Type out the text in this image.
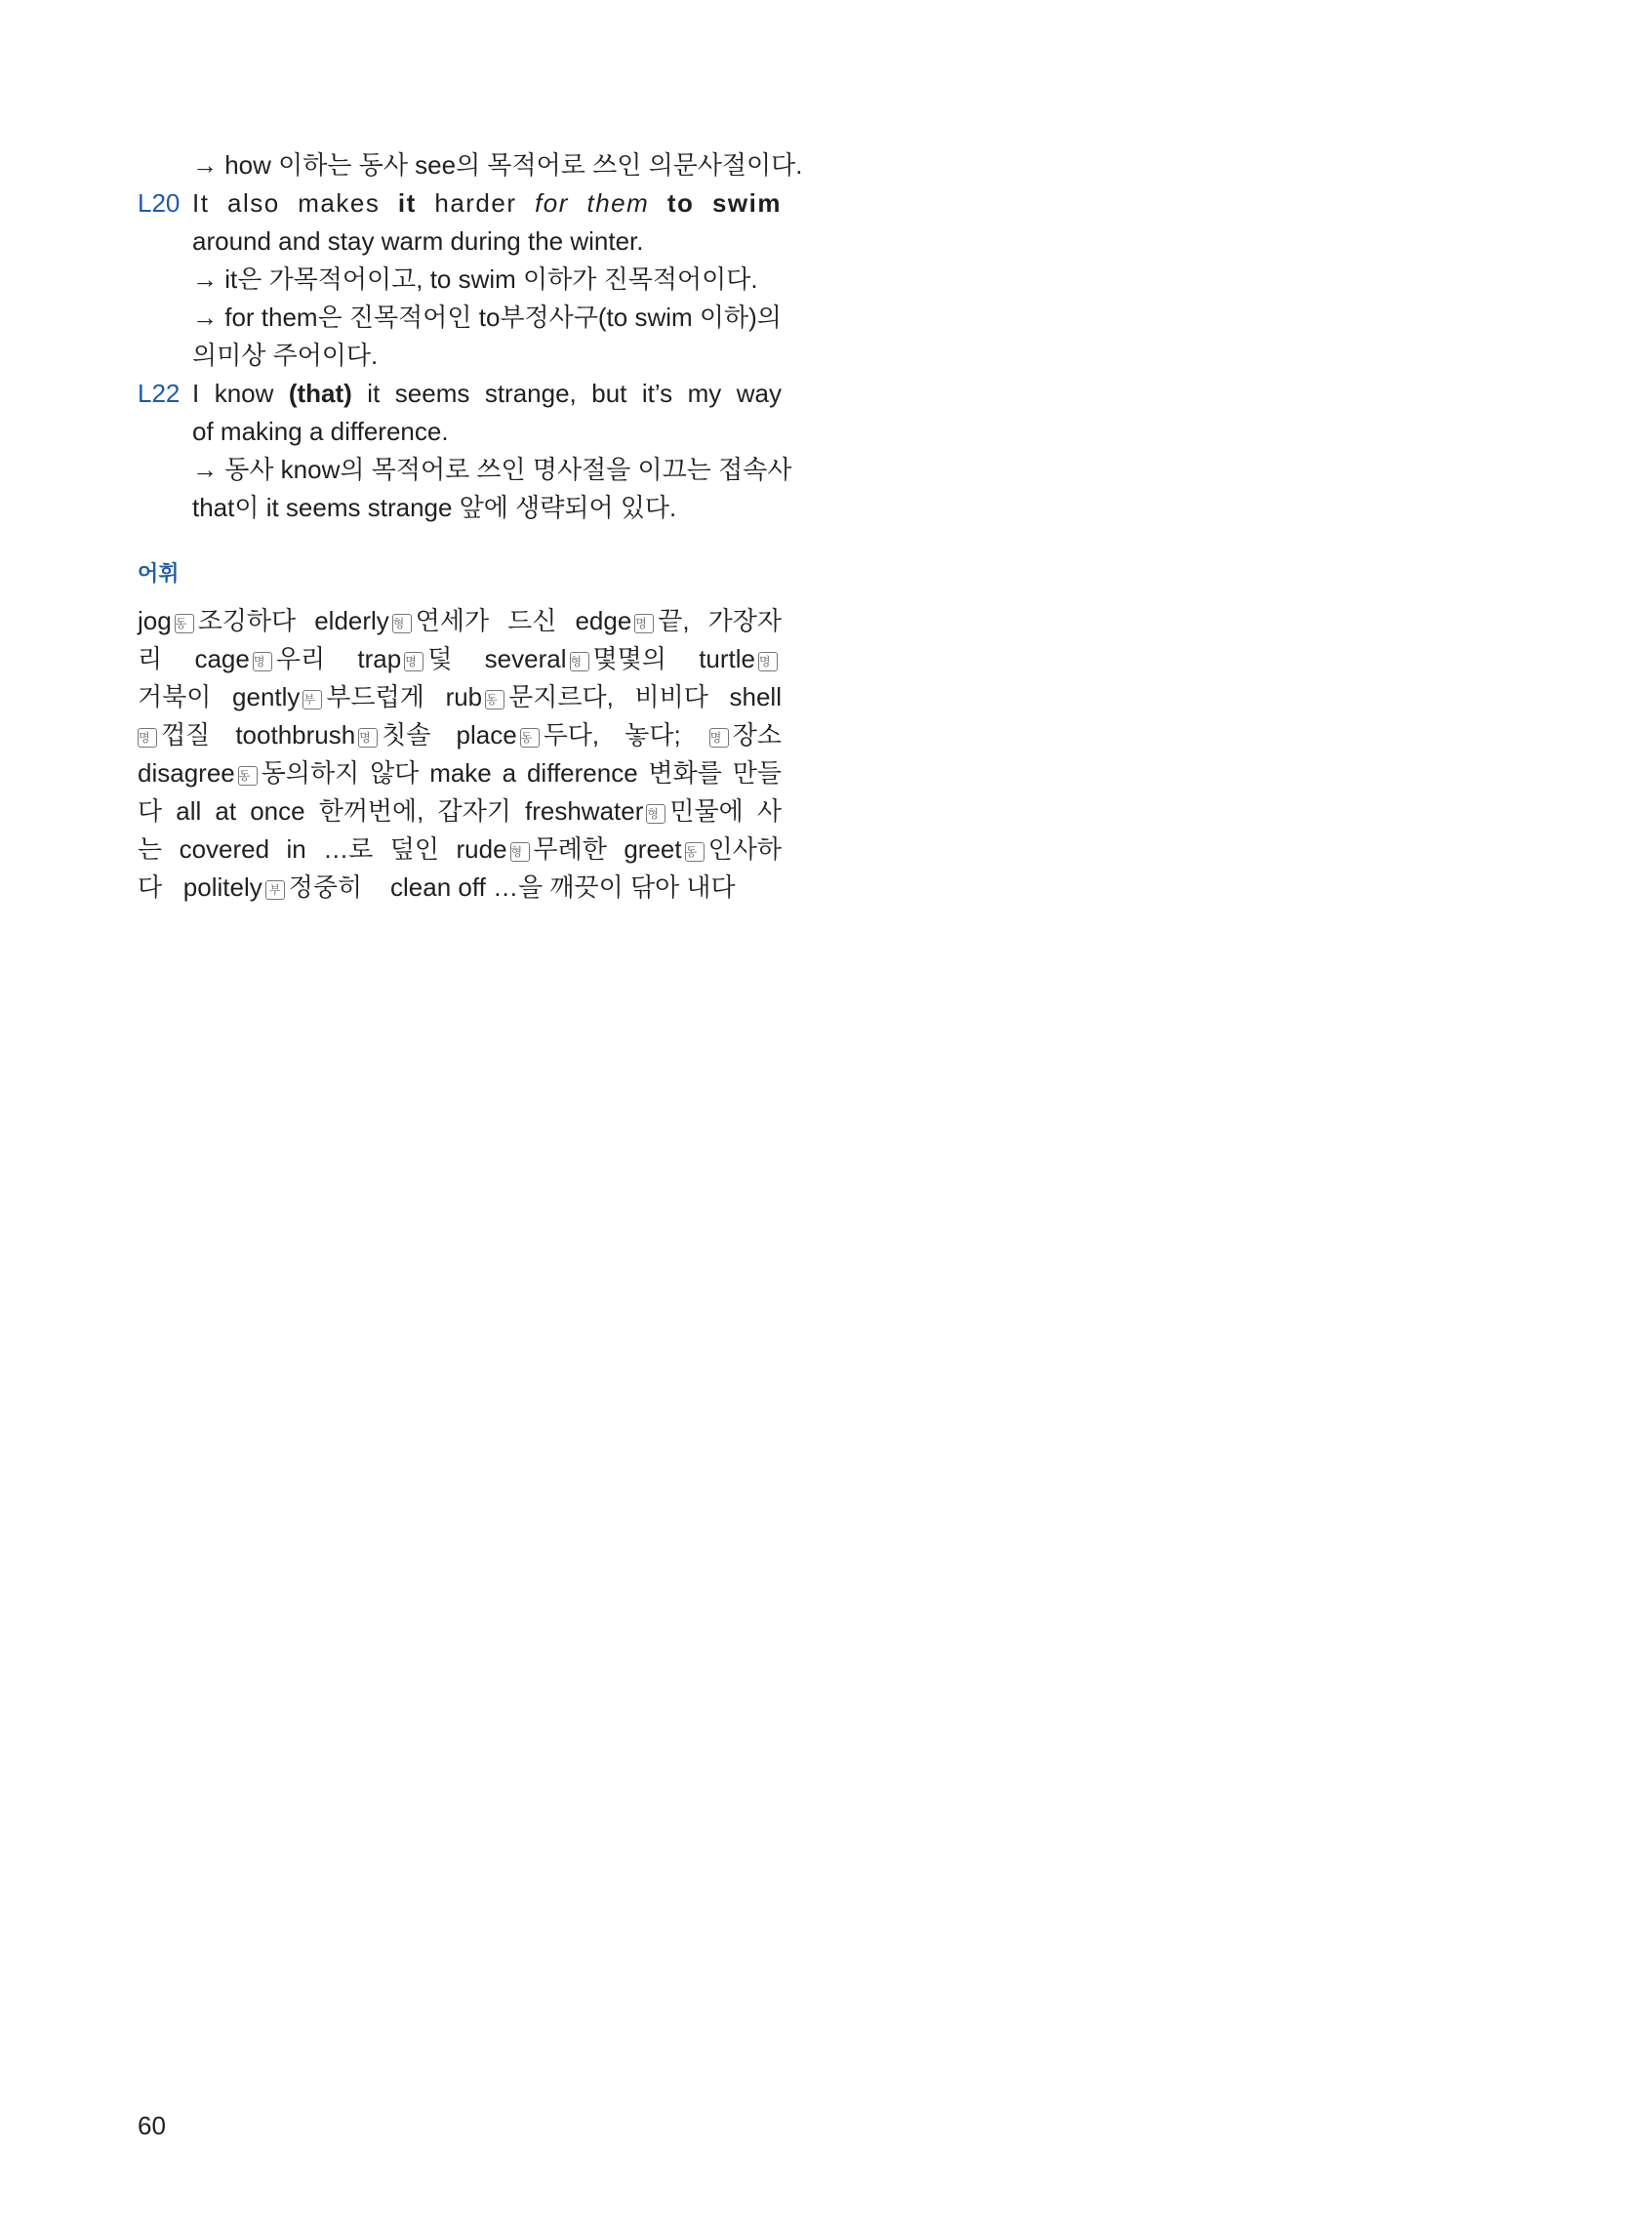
→ how 이하는 동사 see의 목적어로 쓰인 의문사절이다.
L20 It also makes it harder for them to swim
around and stay warm during the winter.
→ it은 가목적어이고, to swim 이하가 진목적어이다.
→ for them은 진목적어인 to부정사구(to swim 이하)의
의미상 주어이다.
L22 I know (that) it seems strange, but it’s my way
of making a difference.
→ 동사 know의 목적어로 쓰인 명사절을 이끄는 접속사
that이 it seems strange 앞에 생략되어 있다.
어휘
jog 동 조깅하다 elderly 형 연세가 드신 edge 명 끝, 가장자
리 cage 명 우리 trap 명 덫 several 형 몇몇의 turtle 명
거북이 gently 부 부드럽게 rub 동 문지르다, 비비다 shell
명 껍질 toothbrush 명 칫솔 place 동 두다, 놓다;	명 장소
disagree 동 동의하지 않다 make a difference 변화를 만들
다 all at once 한꺼번에, 갑자기 freshwater 형 민물에 사
는 covered in …로 덮인 rude 형 무례한 greet 동 인사하
다 politely 부 정중히 clean off …을 깨끗이 닦아 내다
60
